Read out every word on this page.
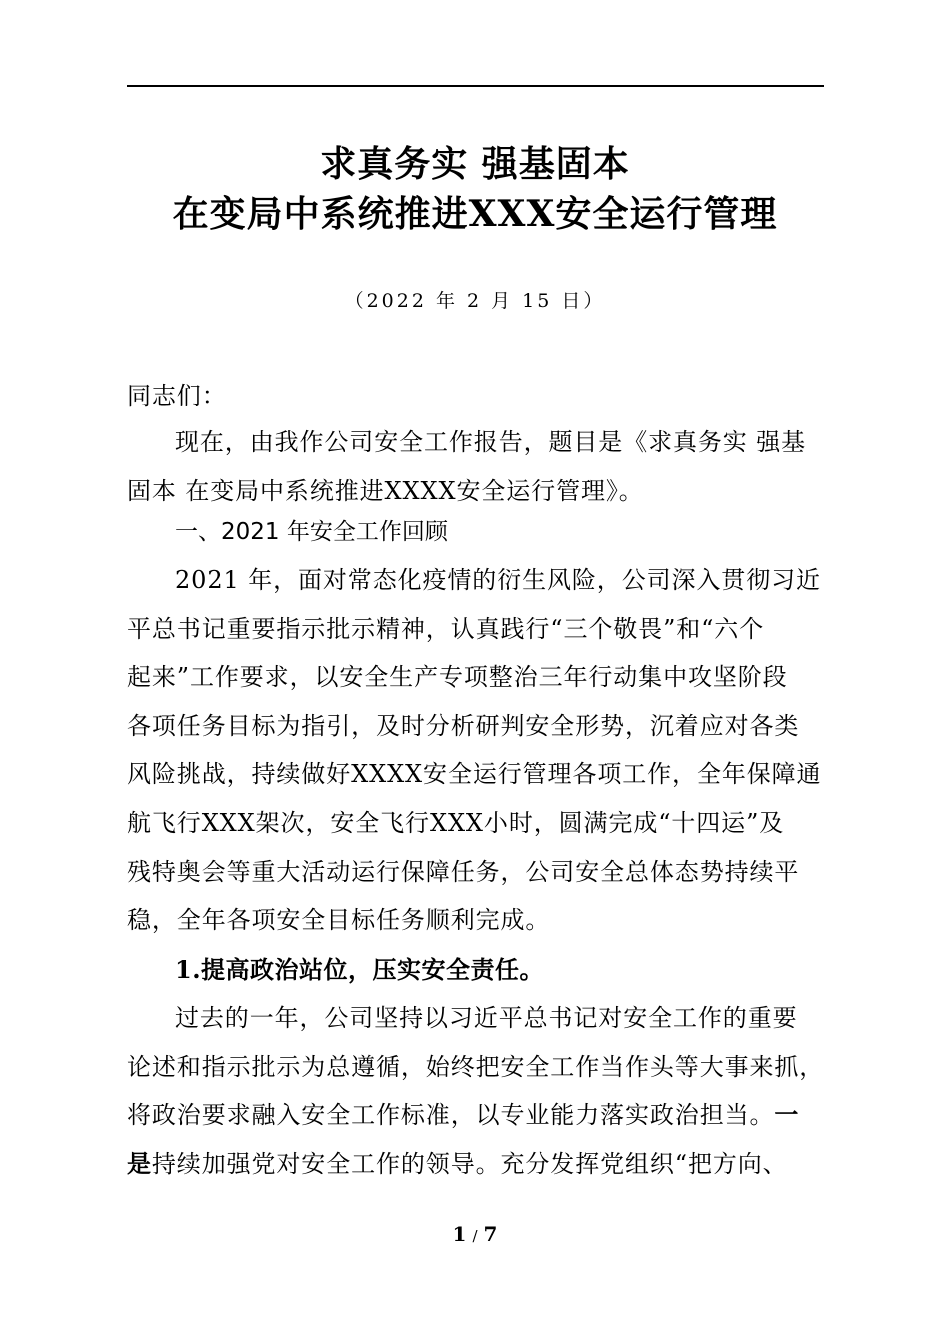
求真务实 强基固本
在变局中系统推进XXX安全运行管理
（2022 年 2 月 15 日）
同志们：
现在，由我作公司安全工作报告，题目是《求真务实 强基
固本 在变局中系统推进XXXX安全运行管理》。
一、2021 年安全工作回顾
2021 年，面对常态化疫情的衍生风险，公司深入贯彻习近
平总书记重要指示批示精神，认真践行“三个敬畏”和“六个
起来”工作要求，以安全生产专项整治三年行动集中攻坚阶段
各项任务目标为指引，及时分析研判安全形势，沉着应对各类
风险挑战，持续做好XXXX安全运行管理各项工作，全年保障通
航飞行XXX架次，安全飞行XXX小时，圆满完成“十四运”及
残特奥会等重大活动运行保障任务，公司安全总体态势持续平
稳，全年各项安全目标任务顺利完成。
1.提高政治站位，压实安全责任。
过去的一年，公司坚持以习近平总书记对安全工作的重要
论述和指示批示为总遵循，始终把安全工作当作头等大事来抓，
将政治要求融入安全工作标准，以专业能力落实政治担当。一
是持续加强党对安全工作的领导。充分发挥党组织“把方向、
1 / 7
